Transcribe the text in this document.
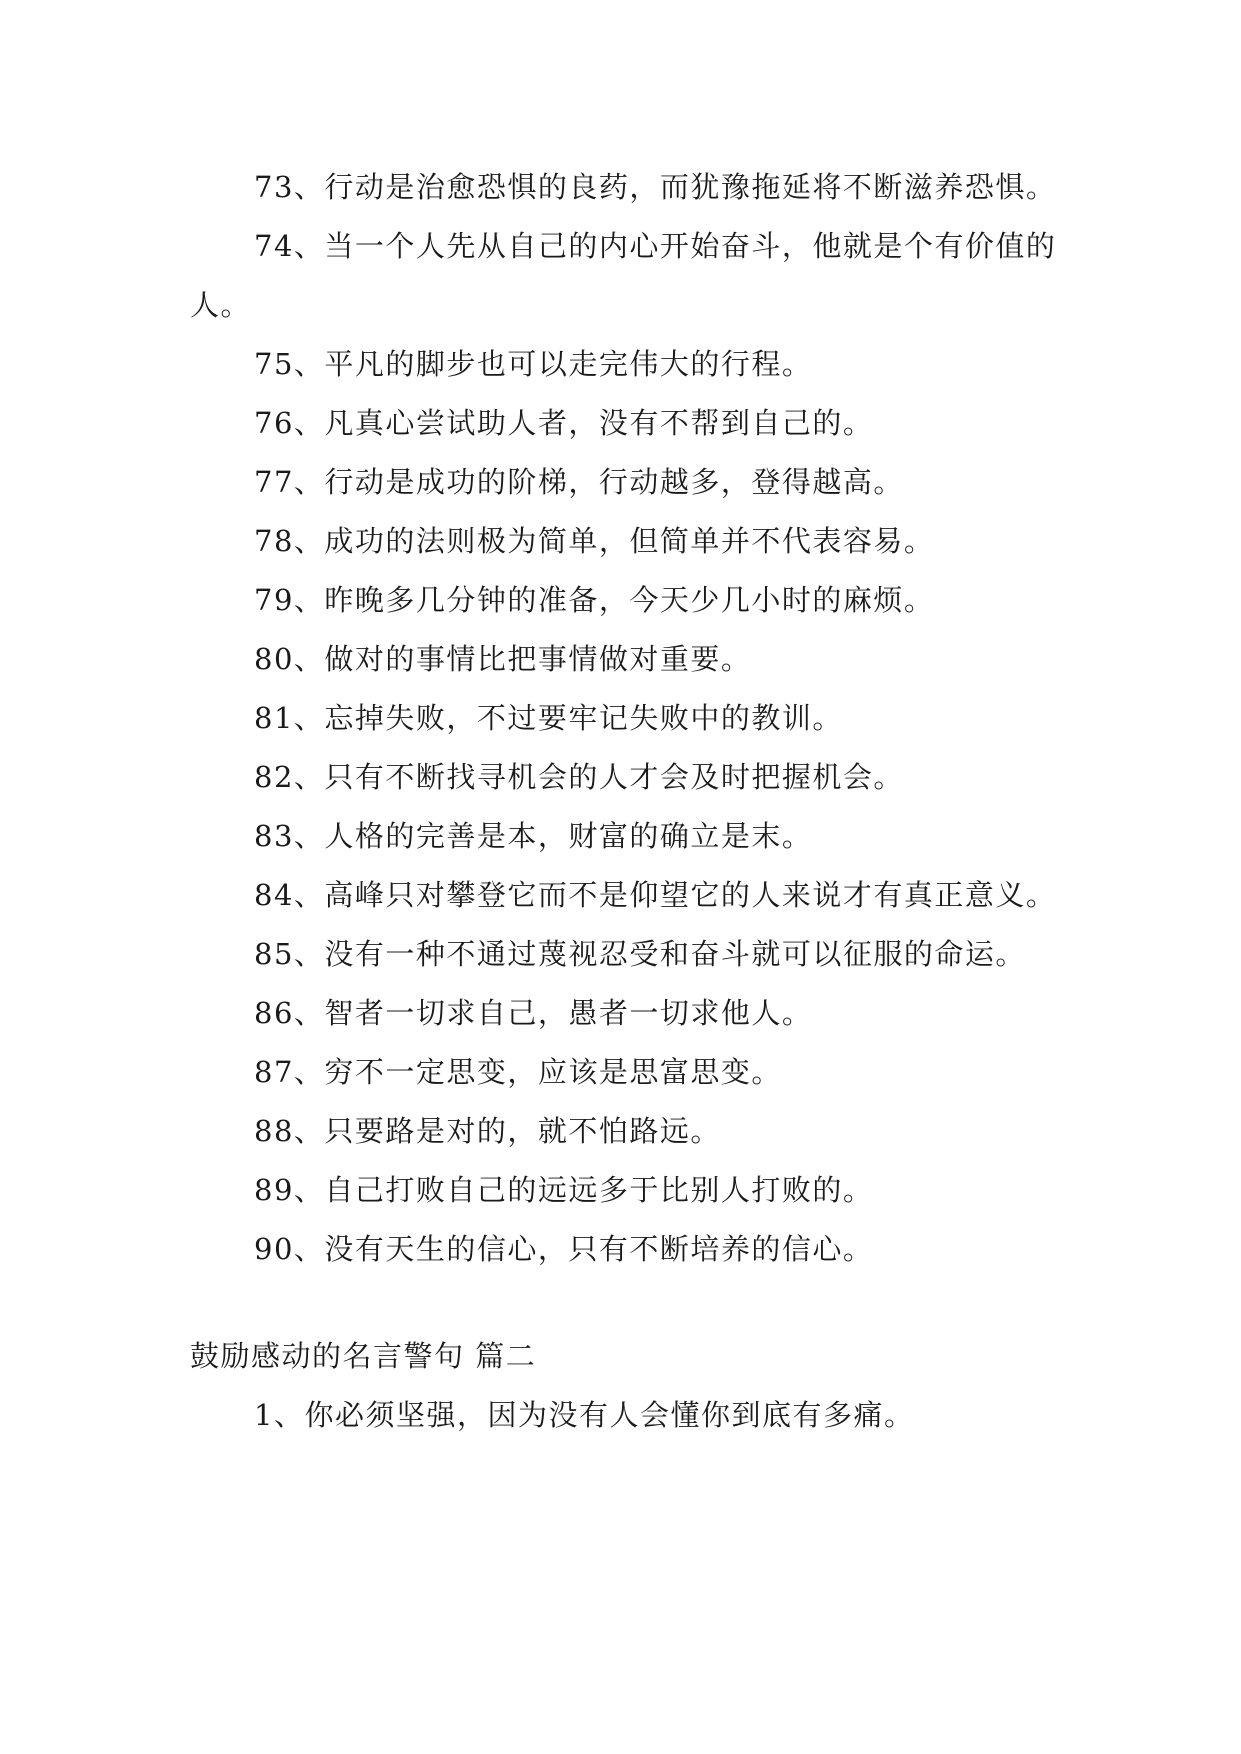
73、行动是治愈恐惧的良药，而犹豫拖延将不断滋养恐惧。

74、当一个人先从自己的内心开始奋斗，他就是个有价值的人。

75、平凡的脚步也可以走完伟大的行程。

76、凡真心尝试助人者，没有不帮到自己的。

77、行动是成功的阶梯，行动越多，登得越高。

78、成功的法则极为简单，但简单并不代表容易。

79、昨晚多几分钟的准备，今天少几小时的麻烦。

80、做对的事情比把事情做对重要。

81、忘掉失败，不过要牢记失败中的教训。

82、只有不断找寻机会的人才会及时把握机会。

83、人格的完善是本，财富的确立是末。

84、高峰只对攀登它而不是仰望它的人来说才有真正意义。

85、没有一种不通过蔑视忍受和奋斗就可以征服的命运。

86、智者一切求自己，愚者一切求他人。

87、穷不一定思变，应该是思富思变。

88、只要路是对的，就不怕路远。

89、自己打败自己的远远多于比别人打败的。

90、没有天生的信心，只有不断培养的信心。

鼓励感动的名言警句 篇二

1、你必须坚强，因为没有人会懂你到底有多痛。
